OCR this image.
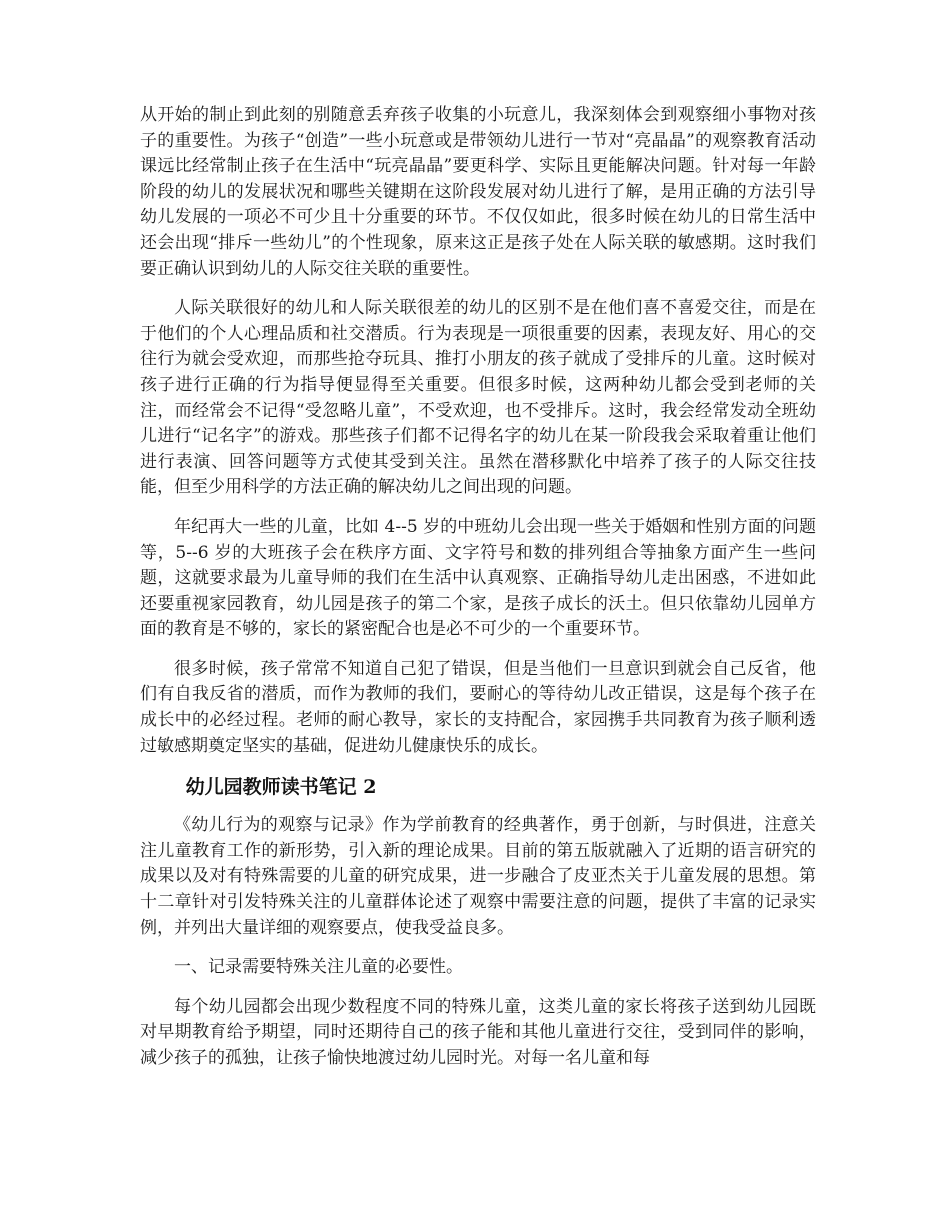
从开始的制止到此刻的别随意丢弃孩子收集的小玩意儿，我深刻体会到观察细小事物对孩子的重要性。为孩子“创造”一些小玩意或是带领幼儿进行一节对“亮晶晶”的观察教育活动课远比经常制止孩子在生活中“玩亮晶晶”要更科学、实际且更能解决问题。针对每一年龄阶段的幼儿的发展状况和哪些关键期在这阶段发展对幼儿进行了解，是用正确的方法引导幼儿发展的一项必不可少且十分重要的环节。不仅仅如此，很多时候在幼儿的日常生活中还会出现“排斥一些幼儿”的个性现象，原来这正是孩子处在人际关联的敏感期。这时我们要正确认识到幼儿的人际交往关联的重要性。

人际关联很好的幼儿和人际关联很差的幼儿的区别不是在他们喜不喜爱交往，而是在于他们的个人心理品质和社交潜质。行为表现是一项很重要的因素，表现友好、用心的交往行为就会受欢迎，而那些抢夺玩具、推打小朋友的孩子就成了受排斥的儿童。这时候对孩子进行正确的行为指导便显得至关重要。但很多时候，这两种幼儿都会受到老师的关注，而经常会不记得“受忽略儿童”，不受欢迎，也不受排斥。这时，我会经常发动全班幼儿进行“记名字”的游戏。那些孩子们都不记得名字的幼儿在某一阶段我会采取着重让他们进行表演、回答问题等方式使其受到关注。虽然在潜移默化中培养了孩子的人际交往技能，但至少用科学的方法正确的解决幼儿之间出现的问题。

年纪再大一些的儿童，比如 4--5 岁的中班幼儿会出现一些关于婚姻和性别方面的问题等，5--6 岁的大班孩子会在秩序方面、文字符号和数的排列组合等抽象方面产生一些问题，这就要求最为儿童导师的我们在生活中认真观察、正确指导幼儿走出困惑，不进如此还要重视家园教育，幼儿园是孩子的第二个家，是孩子成长的沃土。但只依靠幼儿园单方面的教育是不够的，家长的紧密配合也是必不可少的一个重要环节。

很多时候，孩子常常不知道自己犯了错误，但是当他们一旦意识到就会自己反省，他们有自我反省的潜质，而作为教师的我们，要耐心的等待幼儿改正错误，这是每个孩子在成长中的必经过程。老师的耐心教导，家长的支持配合，家园携手共同教育为孩子顺利透过敏感期奠定坚实的基础，促进幼儿健康快乐的成长。

幼儿园教师读书笔记 2

《幼儿行为的观察与记录》作为学前教育的经典著作，勇于创新，与时俱进，注意关注儿童教育工作的新形势，引入新的理论成果。目前的第五版就融入了近期的语言研究的成果以及对有特殊需要的儿童的研究成果，进一步融合了皮亚杰关于儿童发展的思想。第十二章针对引发特殊关注的儿童群体论述了观察中需要注意的问题，提供了丰富的记录实例，并列出大量详细的观察要点，使我受益良多。

一、记录需要特殊关注儿童的必要性。

每个幼儿园都会出现少数程度不同的特殊儿童，这类儿童的家长将孩子送到幼儿园既对早期教育给予期望，同时还期待自己的孩子能和其他儿童进行交往，受到同伴的影响，减少孩子的孤独，让孩子愉快地渡过幼儿园时光。对每一名儿童和每
